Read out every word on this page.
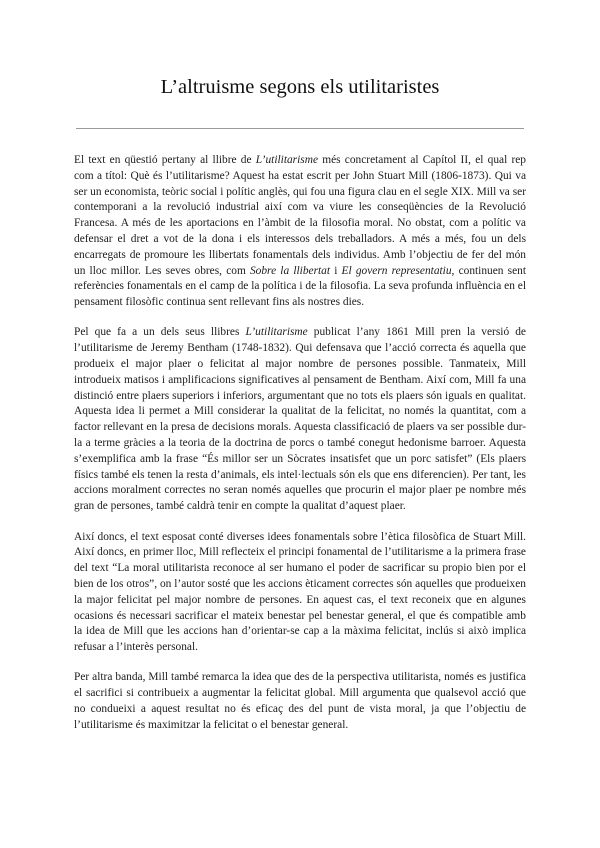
L’altruisme segons els utilitaristes

El text en qüestió pertany al llibre de L’utilitarisme més concretament al Capítol II, el qual rep com a títol: Què és l’utilitarisme? Aquest ha estat escrit per John Stuart Mill (1806-1873). Qui va ser un economista, teòric social i polític anglès, qui fou una figura clau en el segle XIX. Mill va ser contemporani a la revolució industrial així com va viure les conseqüències de la Revolució Francesa. A més de les aportacions en l’àmbit de la filosofia moral. No obstat, com a polític va defensar el dret a vot de la dona i els interessos dels treballadors. A més a més, fou un dels encarregats de promoure les llibertats fonamentals dels individus. Amb l’objectiu de fer del món un lloc millor. Les seves obres, com Sobre la llibertat i El govern representatiu, continuen sent referències fonamentals en el camp de la política i de la filosofia. La seva profunda influència en el pensament filosòfic continua sent rellevant fins als nostres dies.

Pel que fa a un dels seus llibres L’utilitarisme publicat l’any 1861 Mill pren la versió de l’utilitarisme de Jeremy Bentham (1748-1832). Qui defensava que l’acció correcta és aquella que produeix el major plaer o felicitat al major nombre de persones possible. Tanmateix, Mill introdueix matisos i amplificacions significatives al pensament de Bentham. Així com, Mill fa una distinció entre plaers superiors i inferiors, argumentant que no tots els plaers són iguals en qualitat. Aquesta idea li permet a Mill considerar la qualitat de la felicitat, no només la quantitat, com a factor rellevant en la presa de decisions morals. Aquesta classificació de plaers va ser possible dur-la a terme gràcies a la teoria de la doctrina de porcs o també conegut hedonisme barroer. Aquesta s’exemplifica amb la frase “És millor ser un Sòcrates insatisfet que un porc satisfet” (Els plaers físics també els tenen la resta d’animals, els intel·lectuals són els que ens diferencien). Per tant, les accions moralment correctes no seran només aquelles que procurin el major plaer pe nombre més gran de persones, també caldrà tenir en compte la qualitat d’aquest plaer.

Així doncs, el text esposat conté diverses idees fonamentals sobre l’ètica filosòfica de Stuart Mill. Així doncs, en primer lloc, Mill reflecteix el principi fonamental de l’utilitarisme a la primera frase del text “La moral utilitarista reconoce al ser humano el poder de sacrificar su propio bien por el bien de los otros”, on l’autor sosté que les accions èticament correctes són aquelles que produeixen la major felicitat pel major nombre de persones. En aquest cas, el text reconeix que en algunes ocasions és necessari sacrificar el mateix benestar pel benestar general, el que és compatible amb la idea de Mill que les accions han d’orientar-se cap a la màxima felicitat, inclús si això implica refusar a l’interès personal.

Per altra banda, Mill també remarca la idea que des de la perspectiva utilitarista, només es justifica el sacrifici si contribueix a augmentar la felicitat global. Mill argumenta que qualsevol acció que no condueixi a aquest resultat no és eficaç des del punt de vista moral, ja que l’objectiu de l’utilitarisme és maximitzar la felicitat o el benestar general.
